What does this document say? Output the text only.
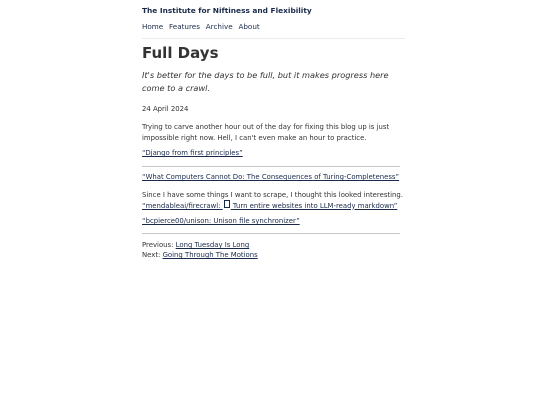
The Institute for Niftiness and Flexibility
Home Features Archive About
Full Days
It's better for the days to be full, but it makes progress here come to a crawl.
24 April 2024
Trying to carve another hour out of the day for fixing this blog up is just impossible right now. Hell, I can't even make an hour to practice.
“Django from first principles”
“What Computers Cannot Do: The Consequences of Turing-Completeness”
Since I have some things I want to scrape, I thought this looked interesting.
“mendableai/firecrawl: Turn entire websites into LLM-ready markdown”
“bcpierce00/unison: Unison file synchronizer”
Previous: Long Tuesday Is Long
Next: Going Through The Motions
